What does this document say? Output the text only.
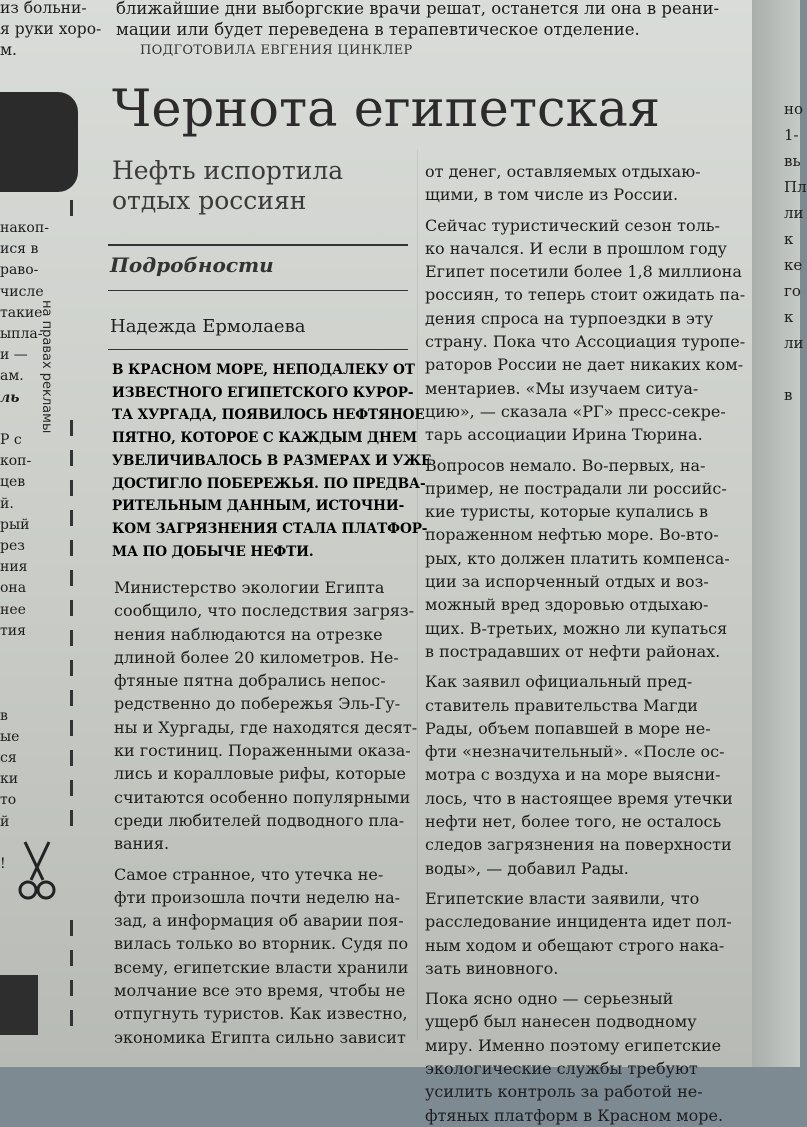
из больни-

я руки хоро-

м.

ближайшие дни выборгские врачи решат, останется ли она в реани-

мации или будет переведена в терапевтическое отделение.

ПОДГОТОВИЛА ЕВГЕНИЯ ЦИНКЛЕР

накоп-
ися в
раво-
числе
такие
ыпла-
и —
ам.
ль

Р с
коп-
цев
й.
рый
рез
ния
она
нее
тия

в
ые
ся
ки
то
й

!
на правах рекламы
Чернота египетская
Нефть испортила
отдых россиян
Подробности
Надежда Ермолаева

В КРАСНОМ МОРЕ, НЕПОДАЛЕКУ ОТ

ИЗВЕСТНОГО ЕГИПЕТСКОГО КУРОР-

ТА ХУРГАДА, ПОЯВИЛОСЬ НЕФТЯНОЕ

ПЯТНО, КОТОРОЕ С КАЖДЫМ ДНЕМ

УВЕЛИЧИВАЛОСЬ В РАЗМЕРАХ И УЖЕ

ДОСТИГЛО ПОБЕРЕЖЬЯ. ПО ПРЕДВА-

РИТЕЛЬНЫМ ДАННЫМ, ИСТОЧНИ-

КОМ ЗАГРЯЗНЕНИЯ СТАЛА ПЛАТФОР-

МА ПО ДОБЫЧЕ НЕФТИ.

Министерство экологии Египта

сообщило, что последствия загряз-

нения наблюдаются на отрезке

длиной более 20 километров. Не-

фтяные пятна добрались непос-

редственно до побережья Эль-Гу-

ны и Хургады, где находятся десят-

ки гостиниц. Пораженными оказа-

лись и коралловые рифы, которые

считаются особенно популярными

среди любителей подводного пла-

вания.

Самое странное, что утечка не-

фти произошла почти неделю на-

зад, а информация об аварии поя-

вилась только во вторник. Судя по

всему, египетские власти хранили

молчание все это время, чтобы не

отпугнуть туристов. Как известно,

экономика Египта сильно зависит

от денег, оставляемых отдыхаю-

щими, в том числе из России.

Сейчас туристический сезон толь-

ко начался. И если в прошлом году

Египет посетили более 1,8 миллиона

россиян, то теперь стоит ожидать па-

дения спроса на турпоездки в эту

страну. Пока что Ассоциация туропе-

раторов России не дает никаких ком-

ментариев. «Мы изучаем ситуа-

цию», — сказала «РГ» пресс-секре-

тарь ассоциации Ирина Тюрина.

Вопросов немало. Во-первых, на-

пример, не пострадали ли российс-

кие туристы, которые купались в

пораженном нефтью море. Во-вто-

рых, кто должен платить компенса-

ции за испорченный отдых и воз-

можный вред здоровью отдыхаю-

щих. В-третьих, можно ли купаться

в пострадавших от нефти районах.

Как заявил официальный пред-

ставитель правительства Магди

Рады, объем попавшей в море не-

фти «незначительный». «После ос-

мотра с воздуха и на море выясни-

лось, что в настоящее время утечки

нефти нет, более того, не осталось

следов загрязнения на поверхности

воды», — добавил Рады.

Египетские власти заявили, что

расследование инцидента идет пол-

ным ходом и обещают строго нака-

зать виновного.

Пока ясно одно — серьезный

ущерб был нанесен подводному

миру. Именно поэтому египетские

экологические службы требуют

усилить контроль за работой не-

фтяных платформ в Красном море.

но
1-
вь
Пл
ли
к
ке
го
к
ли

в
